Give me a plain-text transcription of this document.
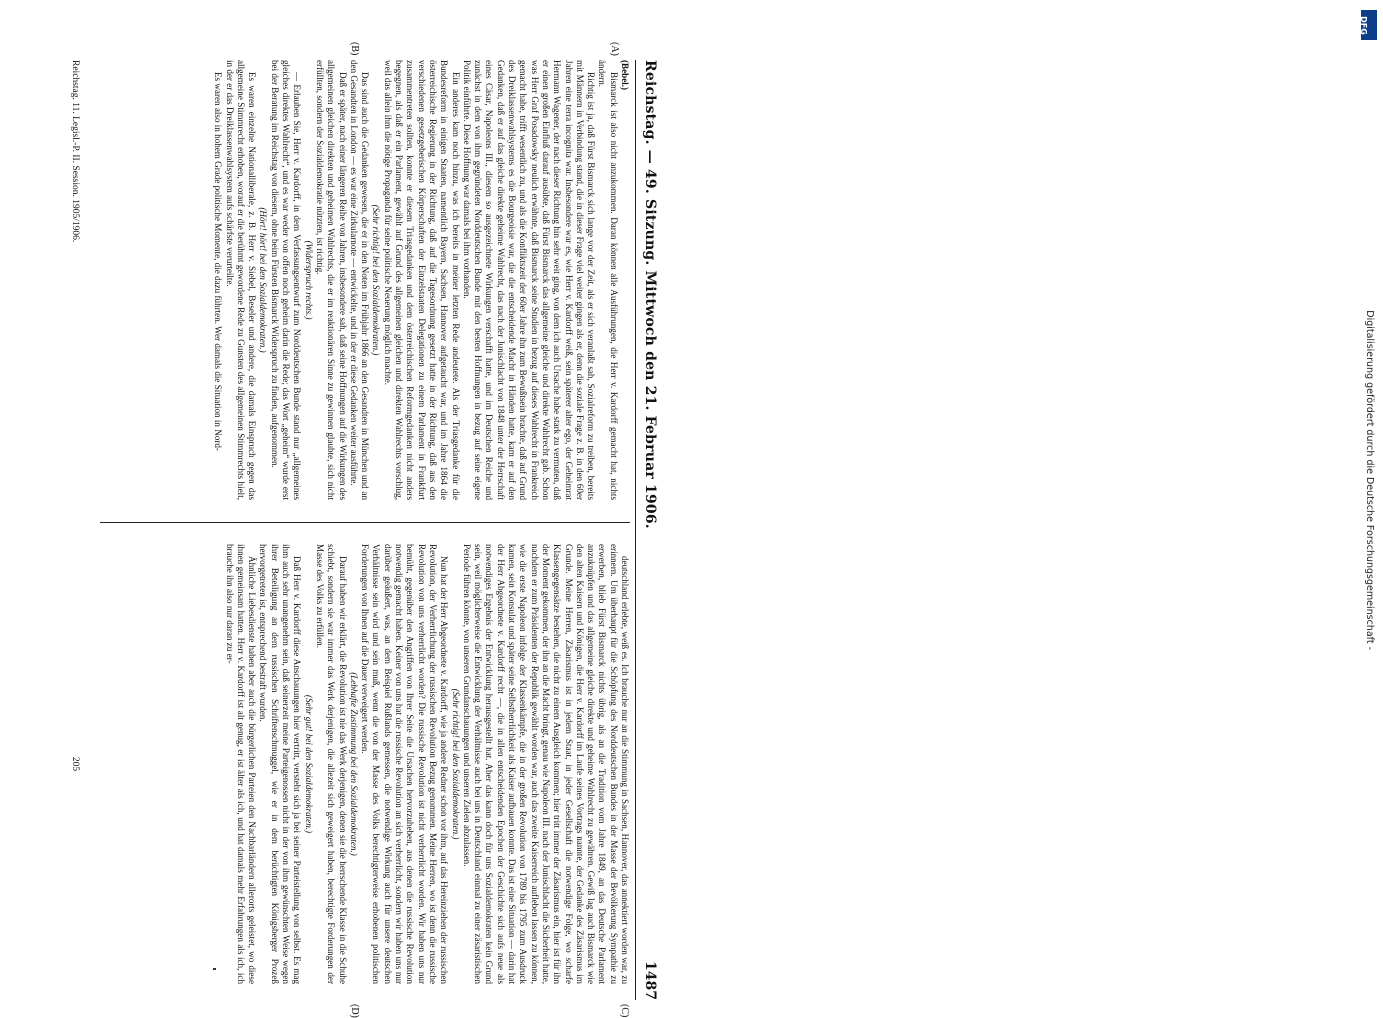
Reichstag. — 49. Sitzung. Mittwoch den 21. Februar 1906.
1487
(A)
(B)
(C)
(D)

(Bebel.)

Bismarck ist also nicht anzukommen. Daran können alle Ausführungen, die Herr v. Kardorff gemacht hat, nichts ändern.

Richtig ist ja, daß Fürst Bismarck sich lange vor der Zeit, als er sich veranlaßt sah, Sozialreform zu treiben, bereits mit Männern in Verbindung stand, die in dieser Frage viel weiter gingen als er, denn die soziale Frage z. B. in den 60er Jahren eine terra incognita war. Insbesondere war es, wie Herr v. Kardorff weiß, sein späterer alter ego, der Geheimrat Hermann Wagener, der nach dieser Richtung hin sehr weit ging, von dem ich auch Ursache habe stark zu vermuten, daß er einen großen Einfluß darauf ausübte, daß Fürst Bismarck das allgemeine gleiche und direkte Wahlrecht gab. Schon was Herr Graf Posadowsky neulich erwähnte, daß Bismarck seine Studien in bezug auf dieses Wahlrecht in Frankreich gemacht habe, trifft wesentlich zu, und als die Konfliktszeit der 60er Jahre ihn zum Bewußtsein brachte, daß auf Grund des Dreiklassenwahlsystems es die Bourgeoisie war, die die entscheidende Macht in Händen hatte, kam er auf den Gedanken, daß er auf das gleiche direkte geheime Wahlrecht, das nach der Junischlacht von 1848 unter der Herrschaft eines Cäsar, Napoleons III., diesem so ausgezeichnete Wirkungen verschafft hatte, und im Deutschen Reiche und zunächst in dem von ihm gegründeten Norddeutschen Bunde mit den besten Hoffnungen in bezug auf seine eigene Politik einführte. Diese Hoffnung war damals bei ihm vorhanden.

Ein anderes kam noch hinzu, was ich bereits in meiner letzten Rede andeutete. Als der Triasgedanke für die Bundesreform in einigen Staaten, namentlich Bayern, Sachsen, Hannover aufgetaucht war, und im Jahre 1864 die österreichische Regierung in der Richtung, daß auf die Tagesordnung gesetzt hatte in der Richtung, daß aus den verschiedenen gesetzgeberischen Körperschaften der Einzelstaaten Delegationen zu einem Parlament in Frankfurt zusammentreten sollten, konnte er diesem Triasgedanken und dem österreichischen Reformgedanken nicht anders begegnen, als daß er ein Parlament, gewählt auf Grund des allgemeinen gleichen und direkten Wahlrechts vorschlug, weil das allein ihm die nötige Propaganda für seine politische Neuerung möglich machte.

(Sehr richtig! bei den Sozialdemokraten.)

Das sind auch die Gedanken gewesen, die er in den Noten im Frühjahr 1866 an den Gesandten in München und an den Gesandten in London — es war eine Zirkularnote — entwickelte, und in der er diese Gedanken weiter ausführte.

Daß er später, nach einer längeren Reihe von Jahren, insbesondere sah, daß seine Hoffnungen auf die Wirkungen des allgemeinen gleichen direkten und geheimen Wahlrechts, die er im reaktionären Sinne zu gewinnen glaubte, sich nicht erfüllten, sondern der Sozialdemokratie nützten, ist richtig.

(Widerspruch rechts.)

— Erlauben Sie, Herr v. Kardorff, in dem Verfassungsentwurf zum Norddeutschen Bunde stand nur „allgemeines gleiches direktes Wahlrecht“, und es war weder von offen noch geheim darin die Rede; das Wort „geheim“ wurde erst bei der Beratung im Reichstag von diesem, ohne beim Fürsten Bismarck Widerspruch zu finden, aufgenommen.

(Hört! hört! bei den Sozialdemokraten.)

Es waren einzelne Nationalliberale, z. B. Herr v. Siebel, Beseler und andere, die damals Einspruch gegen das allgemeine Stimmrecht erhoben, worauf er die berühmt gewordene Rede zu Gunsten des allgemeinen Stimmrechts hielt, in der er das Dreiklassenwahlsystem aufs schärfste verurteilte.

Es waren also in hohem Grade politische Momente, die dazu führten. Wer damals die Situation in Nord-

deutschland erlebte, weiß es. Ich brauche nur an die Stimmung in Sachsen, Hannover, das annektiert worden war, zu erinnern. Um überhaupt für die Schöpfung des Norddeutschen Bundes in der Masse der Bevölkerung Sympathie zu erwerben, blieb Fürst Bismarck nichts übrig, als an die Tradition vom Jahre 1849, an das Deutsche Parlament anzuknüpfen und das allgemeine gleiche direkte und geheime Wahlrecht zu gewähren. Gewiß lag auch Bismarck wie den alten Kaisern und Königen, die Herr v. Kardorff im Laufe seines Vortrags nannte, der Gedanke des Zäsarismus im Grunde. Meine Herren, Zäsarismus ist in jedem Staat, in jeder Gesellschaft die notwendige Folge, wo scharfe Klassengegensätze bestehen, die nicht zu einem Ausgleich kommen; hier tritt immer der Zäsarismus ein, hier ist für ihn der Moment gekommen, der ihn an die Macht bringt, genau wie Napoleon III. nach der Junischlacht die Sicherheit hatte, nachdem er zum Präsidenten der Republik gewählt worden war, auch das zweite Kaiserreich aufleben lassen zu können, wie die erste Napoleon infolge der Klassenkämpfe, die in der großen Revolution von 1789 bis 1795 zum Ausdruck kamen, sein Konsulat und später seine Selbstherrlichkeit als Kaiser aufbauen konnte. Das ist eine Situation — darin hat der Herr Abgeordnete v. Kardorff recht —, die in allen entscheidenden Epochen der Geschichte sich aufs neue als notwendiges Ergebnis der Entwicklung herausgestellt hat. Aber das kann doch für uns Sozialdemokraten kein Grund sein, weil möglicherweise die Entwicklung der Verhältnisse auch bei uns in Deutschland einmal zu einer zäsaristischen Periode führen könnte, von unseren Grundanschauungen und unseren Zielen abzulassen.

(Sehr richtig! bei den Sozialdemokraten.)

Nun hat der Herr Abgeordnete v. Kardorff, wie ja andere Redner schon vor ihm, auf das Hereinziehen der russischen Revolution, der Verherrlichung der russischen Revolution Bezug genommen. Meine Herren, wo ist denn die russische Revolution von uns verherrlicht worden? Die russische Revolution ist nicht verherrlicht worden. Wir haben uns nur bemüht, gegenüber den Angriffen von Ihrer Seite die Ursachen hervorzuheben, aus denen die russische Revolution notwendig gemacht haben. Keiner von uns hat die russische Revolution an sich verherrlicht, sondern wir haben uns nur darüber geäußert, was, an dem Beispiel Rußlands gemessen, die notwendige Wirkung auch für unsere deutschen Verhältnisse sein wird und sein muß, wenn die von der Masse des Volks berechtigterweise erhobenen politischen Forderungen von Ihnen auf die Dauer verweigert werden.

(Lebhafte Zustimmung bei den Sozialdemokraten.)

Darauf haben wir erklärt, die Revolution ist nie das Werk derjenigen, denen sie die herrschende Klasse in die Schuhe schiebt, sondern sie war immer das Werk derjenigen, die allezeit sich geweigert haben, berechtigte Forderungen der Masse des Volks zu erfüllen.

(Sehr gut! bei den Sozialdemokraten.)

Daß Herr v. Kardorff diese Anschauungen hier vertritt, versteht sich ja bei seiner Parteistellung von selbst. Es mag ihm auch sehr unangenehm sein, daß seinerzeit meine Parteigenossen nicht in der von ihm gewünschten Weise wegen ihrer Beteiligung an dem russischen Schriftenschmuggel, wie er in dem berüchtigten Königsberger Prozeß hervorgetreten ist, entsprechend bestraft wurden.

Ähnliche Liebesdienste haben aber auch die bürgerlichen Parteien den Nachbarländern allerorts geleistet, wo diese ihnen gemeinsam hatten. Herr v. Kardorff ist alt genug, er ist älter als ich, und hat damals mehr Erfahrungen als ich, ich brauche ihn also nur daran zu er-

Reichstag. 11. Legisl.-P. II. Session. 1905/1906.
205
Digitalisierung gefördert durch die Deutsche Forschungsgemeinschaft -
DFG
